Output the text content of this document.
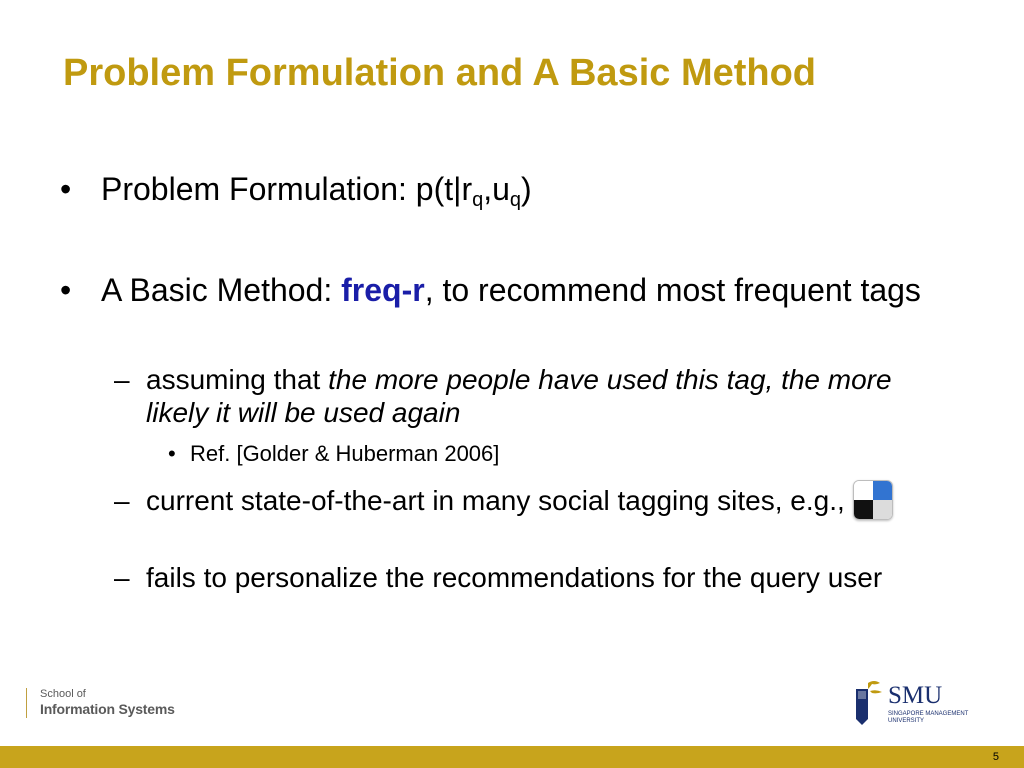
Problem Formulation and A Basic Method

• Problem Formulation: $p(t|r_q,u_q)$

• A Basic Method: freq-r, to recommend most frequent tags

– assuming that the more people have used this tag, the more likely it will be used again

• Ref. [Golder & Huberman 2006]

– current state-of-the-art in many social tagging sites, e.g.,

– fails to personalize the recommendations for the query user

School of
Information Systems	SMU
SINGAPORE MANAGEMENT
UNIVERSITY
5
